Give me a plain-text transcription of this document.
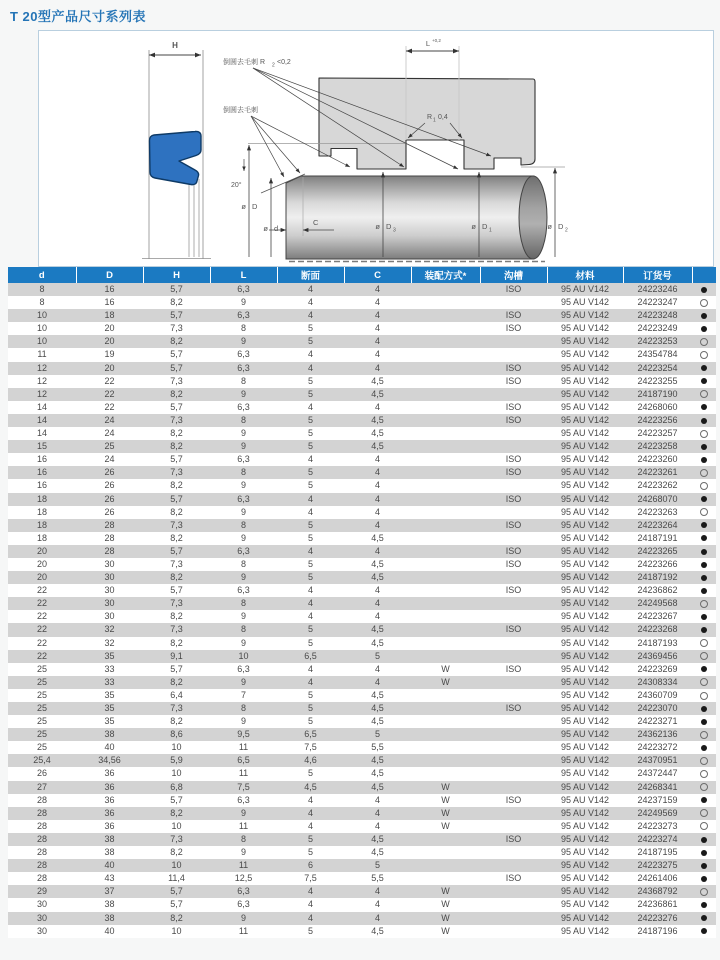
T 20型产品尺寸系列表
H	L +0,2
倒圆去毛刺 R 2 <0,2
倒圆去毛刺
R 1 0,4
20°
C
ø D
ø d	ø D 3	ø D 1	ø D 2
d	D	H	L	断面	C	装配方式*	沟槽	材料	订货号	
8	16	5,7	6,3	4	4		ISO	95 AU V142	24223246	
8	16	8,2	9	4	4			95 AU V142	24223247	
10	18	5,7	6,3	4	4		ISO	95 AU V142	24223248	
10	20	7,3	8	5	4		ISO	95 AU V142	24223249	
10	20	8,2	9	5	4			95 AU V142	24223253	
11	19	5,7	6,3	4	4			95 AU V142	24354784	
12	20	5,7	6,3	4	4		ISO	95 AU V142	24223254	
12	22	7,3	8	5	4,5		ISO	95 AU V142	24223255	
12	22	8,2	9	5	4,5			95 AU V142	24187190	
14	22	5,7	6,3	4	4		ISO	95 AU V142	24268060	
14	24	7,3	8	5	4,5		ISO	95 AU V142	24223256	
14	24	8,2	9	5	4,5			95 AU V142	24223257	
15	25	8,2	9	5	4,5			95 AU V142	24223258	
16	24	5,7	6,3	4	4		ISO	95 AU V142	24223260	
16	26	7,3	8	5	4		ISO	95 AU V142	24223261	
16	26	8,2	9	5	4			95 AU V142	24223262	
18	26	5,7	6,3	4	4		ISO	95 AU V142	24268070	
18	26	8,2	9	4	4			95 AU V142	24223263	
18	28	7,3	8	5	4		ISO	95 AU V142	24223264	
18	28	8,2	9	5	4,5			95 AU V142	24187191	
20	28	5,7	6,3	4	4		ISO	95 AU V142	24223265	
20	30	7,3	8	5	4,5		ISO	95 AU V142	24223266	
20	30	8,2	9	5	4,5			95 AU V142	24187192	
22	30	5,7	6,3	4	4		ISO	95 AU V142	24236862	
22	30	7,3	8	4	4			95 AU V142	24249568	
22	30	8,2	9	4	4			95 AU V142	24223267	
22	32	7,3	8	5	4,5		ISO	95 AU V142	24223268	
22	32	8,2	9	5	4,5			95 AU V142	24187193	
22	35	9,1	10	6,5	5			95 AU V142	24369456	
25	33	5,7	6,3	4	4	W	ISO	95 AU V142	24223269	
25	33	8,2	9	4	4	W		95 AU V142	24308334	
25	35	6,4	7	5	4,5			95 AU V142	24360709	
25	35	7,3	8	5	4,5		ISO	95 AU V142	24223070	
25	35	8,2	9	5	4,5			95 AU V142	24223271	
25	38	8,6	9,5	6,5	5			95 AU V142	24362136	
25	40	10	11	7,5	5,5			95 AU V142	24223272	
25,4	34,56	5,9	6,5	4,6	4,5			95 AU V142	24370951	
26	36	10	11	5	4,5			95 AU V142	24372447	
27	36	6,8	7,5	4,5	4,5	W		95 AU V142	24268341	
28	36	5,7	6,3	4	4	W	ISO	95 AU V142	24237159	
28	36	8,2	9	4	4	W		95 AU V142	24249569	
28	36	10	11	4	4	W		95 AU V142	24223273	
28	38	7,3	8	5	4,5		ISO	95 AU V142	24223274	
28	38	8,2	9	5	4,5			95 AU V142	24187195	
28	40	10	11	6	5			95 AU V142	24223275	
28	43	11,4	12,5	7,5	5,5		ISO	95 AU V142	24261406	
29	37	5,7	6,3	4	4	W		95 AU V142	24368792	
30	38	5,7	6,3	4	4	W		95 AU V142	24236861	
30	38	8,2	9	4	4	W		95 AU V142	24223276	
30	40	10	11	5	4,5	W		95 AU V142	24187196	
